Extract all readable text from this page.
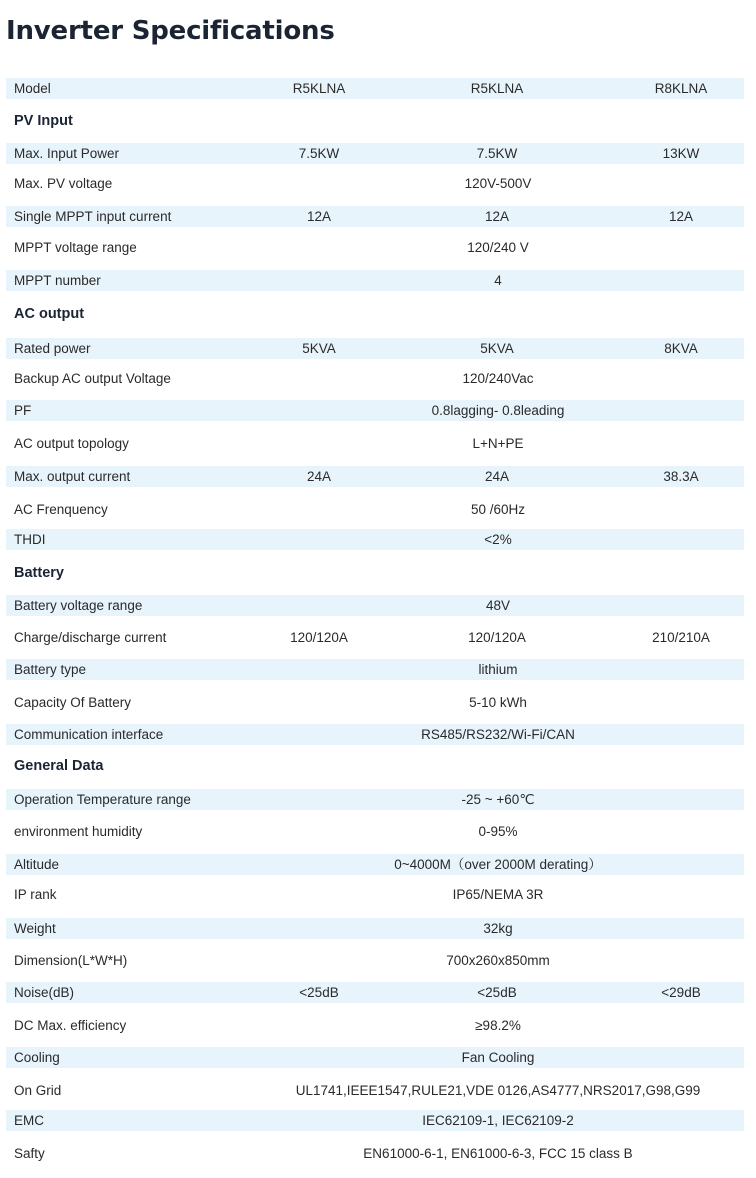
Inverter Specifications
Model	R5KLNA	R5KLNA	R8KLNA
PV Input
Max. Input Power	7.5KW	7.5KW	13KW
Max. PV voltage	120V-500V
Single MPPT input current	12A	12A	12A
MPPT voltage range	120/240 V
MPPT number	4
AC output
Rated power	5KVA	5KVA	8KVA
Backup AC output Voltage	120/240Vac
PF	0.8lagging- 0.8leading
AC output topology	L+N+PE
Max. output current	24A	24A	38.3A
AC Frenquency	50 /60Hz
THDI	<2%
Battery
Battery voltage range	48V
Charge/discharge current	120/120A	120/120A	210/210A
Battery type	lithium
Capacity Of Battery	5-10 kWh
Communication interface	RS485/RS232/Wi-Fi/CAN
General Data
Operation Temperature range	-25 ~ +60℃
environment humidity	0-95%
Altitude	0~4000M（over 2000M derating）
IP rank	IP65/NEMA 3R
Weight	32kg
Dimension(L*W*H)	700x260x850mm
Noise(dB)	<25dB	<25dB	<29dB
DC Max. efficiency	≥98.2%
Cooling	Fan Cooling
On Grid	UL1741,IEEE1547,RULE21,VDE 0126,AS4777,NRS2017,G98,G99
EMC	IEC62109-1, IEC62109-2
Safty	EN61000-6-1, EN61000-6-3, FCC 15 class B
